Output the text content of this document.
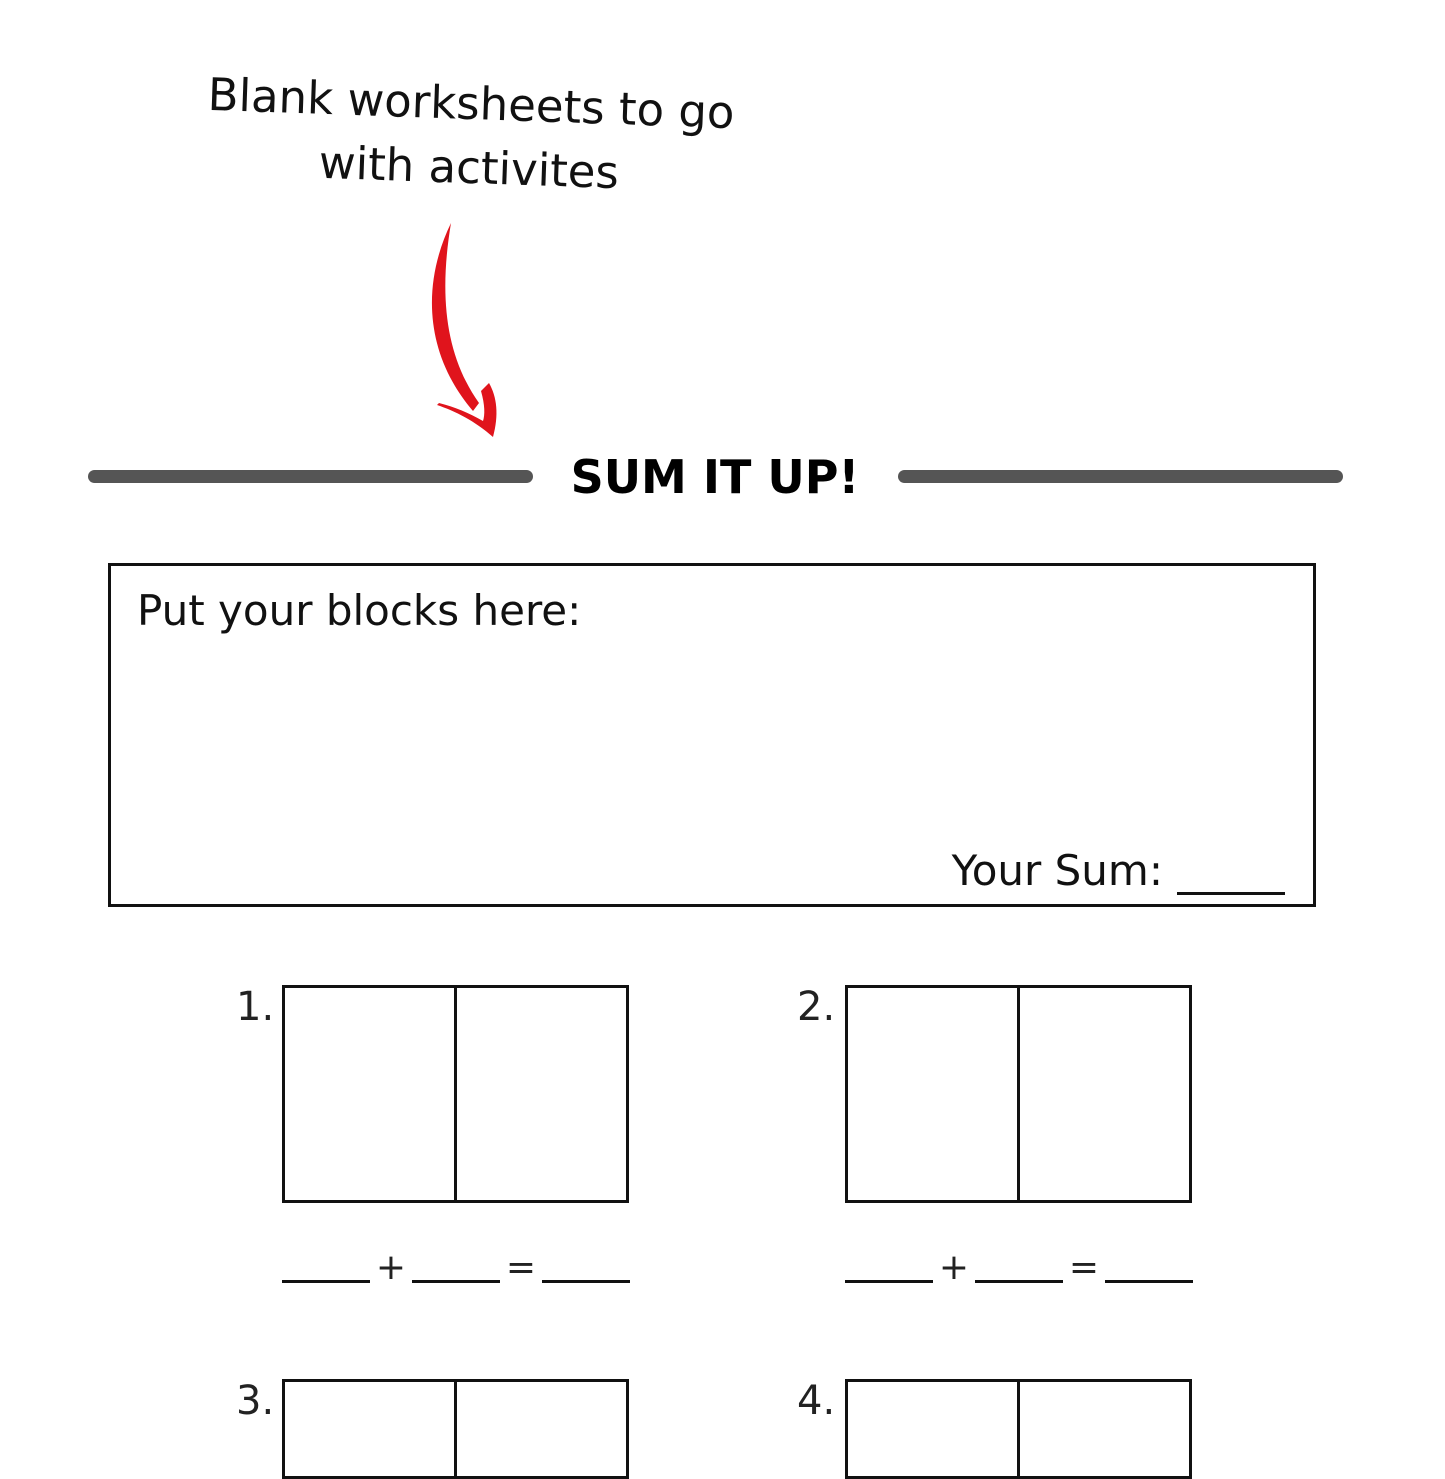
Blank worksheets to go
with activites
SUM IT UP!
Put your blocks here:
Your Sum:
1.
+	=
2.
+	=
3.	4.
